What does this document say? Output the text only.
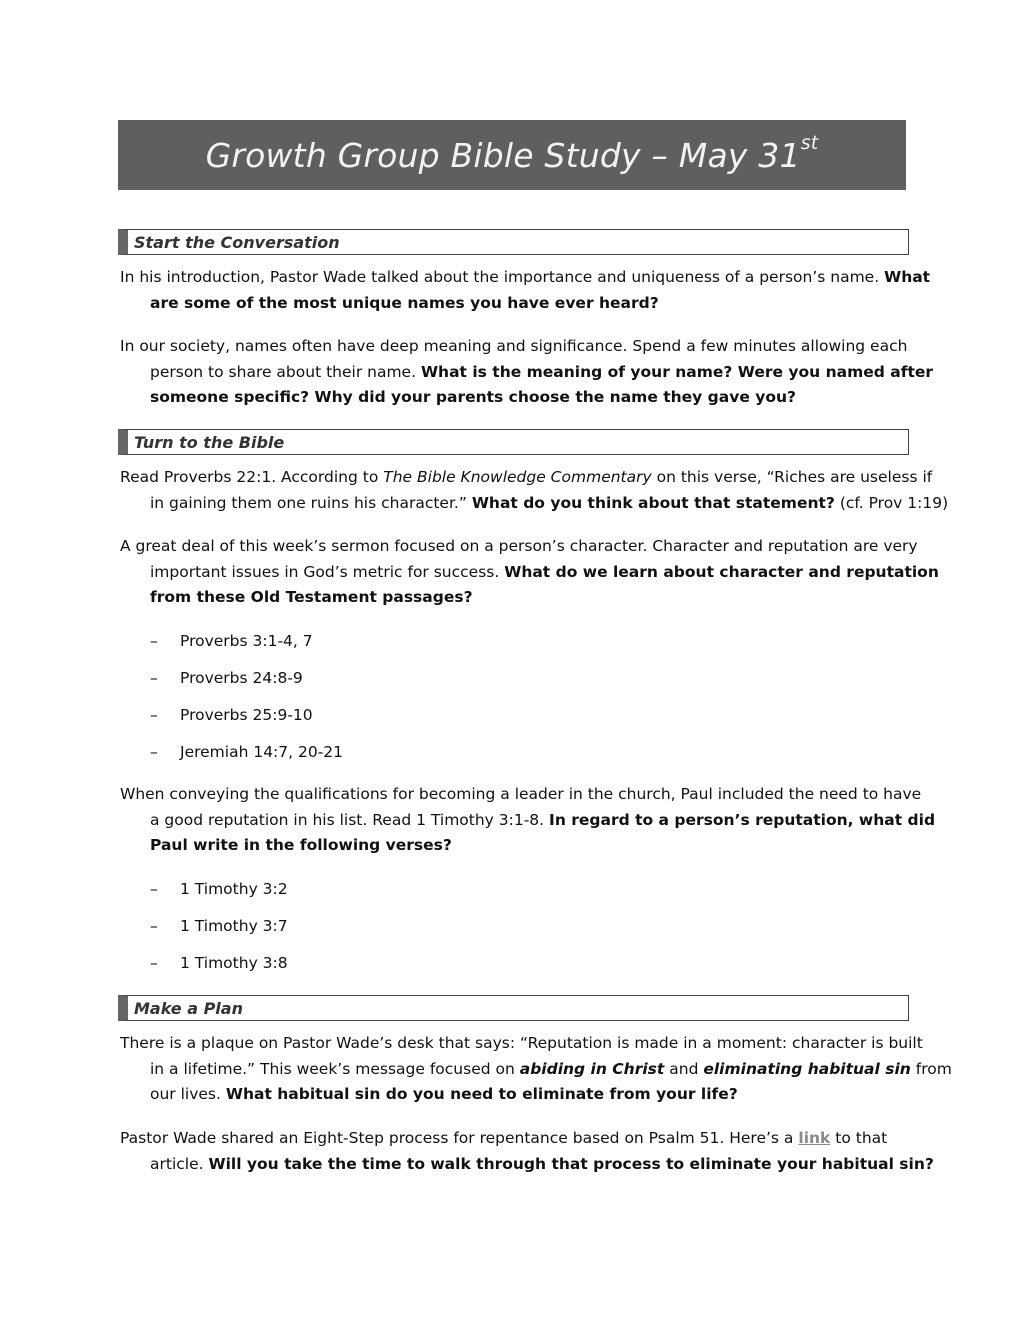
Growth Group Bible Study – May 31st
Start the Conversation
In his introduction, Pastor Wade talked about the importance and uniqueness of a person’s name. What
are some of the most unique names you have ever heard?
In our society, names often have deep meaning and significance. Spend a few minutes allowing each
person to share about their name. What is the meaning of your name? Were you named after
someone specific? Why did your parents choose the name they gave you?
Turn to the Bible
Read Proverbs 22:1. According to The Bible Knowledge Commentary on this verse, “Riches are useless if
in gaining them one ruins his character.” What do you think about that statement? (cf. Prov 1:19)
A great deal of this week’s sermon focused on a person’s character. Character and reputation are very
important issues in God’s metric for success. What do we learn about character and reputation
from these Old Testament passages?
– Proverbs 3:1-4, 7
– Proverbs 24:8-9
– Proverbs 25:9-10
– Jeremiah 14:7, 20-21
When conveying the qualifications for becoming a leader in the church, Paul included the need to have
a good reputation in his list. Read 1 Timothy 3:1-8. In regard to a person’s reputation, what did
Paul write in the following verses?
– 1 Timothy 3:2
– 1 Timothy 3:7
– 1 Timothy 3:8
Make a Plan
There is a plaque on Pastor Wade’s desk that says: “Reputation is made in a moment: character is built
in a lifetime.” This week’s message focused on abiding in Christ and eliminating habitual sin from
our lives. What habitual sin do you need to eliminate from your life?
Pastor Wade shared an Eight-Step process for repentance based on Psalm 51. Here’s a link to that
article. Will you take the time to walk through that process to eliminate your habitual sin?
